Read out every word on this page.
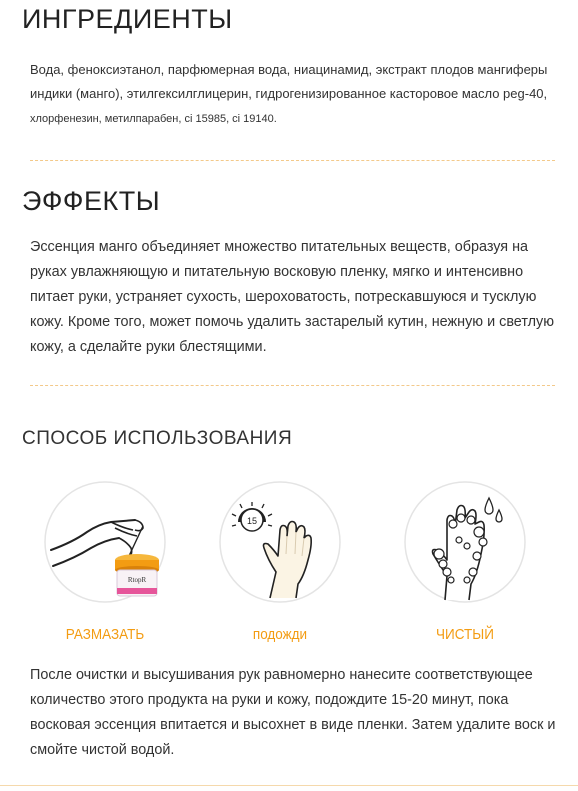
ИНГРЕДИЕНТЫ

Вода, феноксиэтанол, парфюмерная вода, ниацинамид, экстракт плодов мангиферы
индики (манго), этилгексилглицерин, гидрогенизированное касторовое масло peg-40,
хлорфенезин, метилпарабен, ci 15985, ci 19140.

ЭФФЕКТЫ

Эссенция манго объединяет множество питательных веществ, образуя на руках увлажняющую и питательную восковую пленку, мягко и интенсивно питает руки, устраняет сухость, шероховатость, потрескавшуюся и тусклую кожу. Кроме того, может помочь удалить застарелый кутин, нежную и светлую кожу, а сделайте руки блестящими.

СПОСОБ ИСПОЛЬЗОВАНИЯ
RtopR
РАЗМАЗАТЬ
15
подожди	ЧИСТЫЙ

После очистки и высушивания рук равномерно нанесите соответствующее количество этого продукта на руки и кожу, подождите 15-20 минут, пока восковая эссенция впитается и высохнет в виде пленки. Затем удалите воск и смойте чистой водой.
